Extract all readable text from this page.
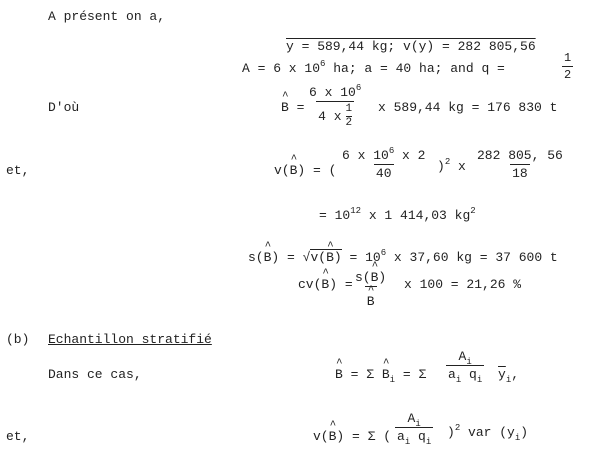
A présent on a,
y = 589,44 kg; v(y) = 282 805,56
A = 6 x $10^6$ ha; a = 40 ha; and q =
1
2
D'où	^ B =
6 x $10^6$
4 x 1
2
x 589,44 kg = 176 830 t
et,	v(^ B) = (
6 x $10^6$ x 2
40	)$^2$ x
282 805, 56
18
= $10^{12}$ x 1 414,03 $kg^2$
s(^ B) = √v(^ $B) = 10^6$ x 37,60 kg = 37 600 t
cv(^ B) = s(^ B)
^ B
x 100 = 21,26 %
(b) Echantillon stratifié
Dans ce cas,	^ B = Σ ^ $B_i = \Sigma$
$A_i$
$a_i$ $q_i$ $\overline{y}_i$,
et,	v(^ B) = Σ (
$A_i$
$a_i$ $q_i$
)$^2$ var $(y_i)$
